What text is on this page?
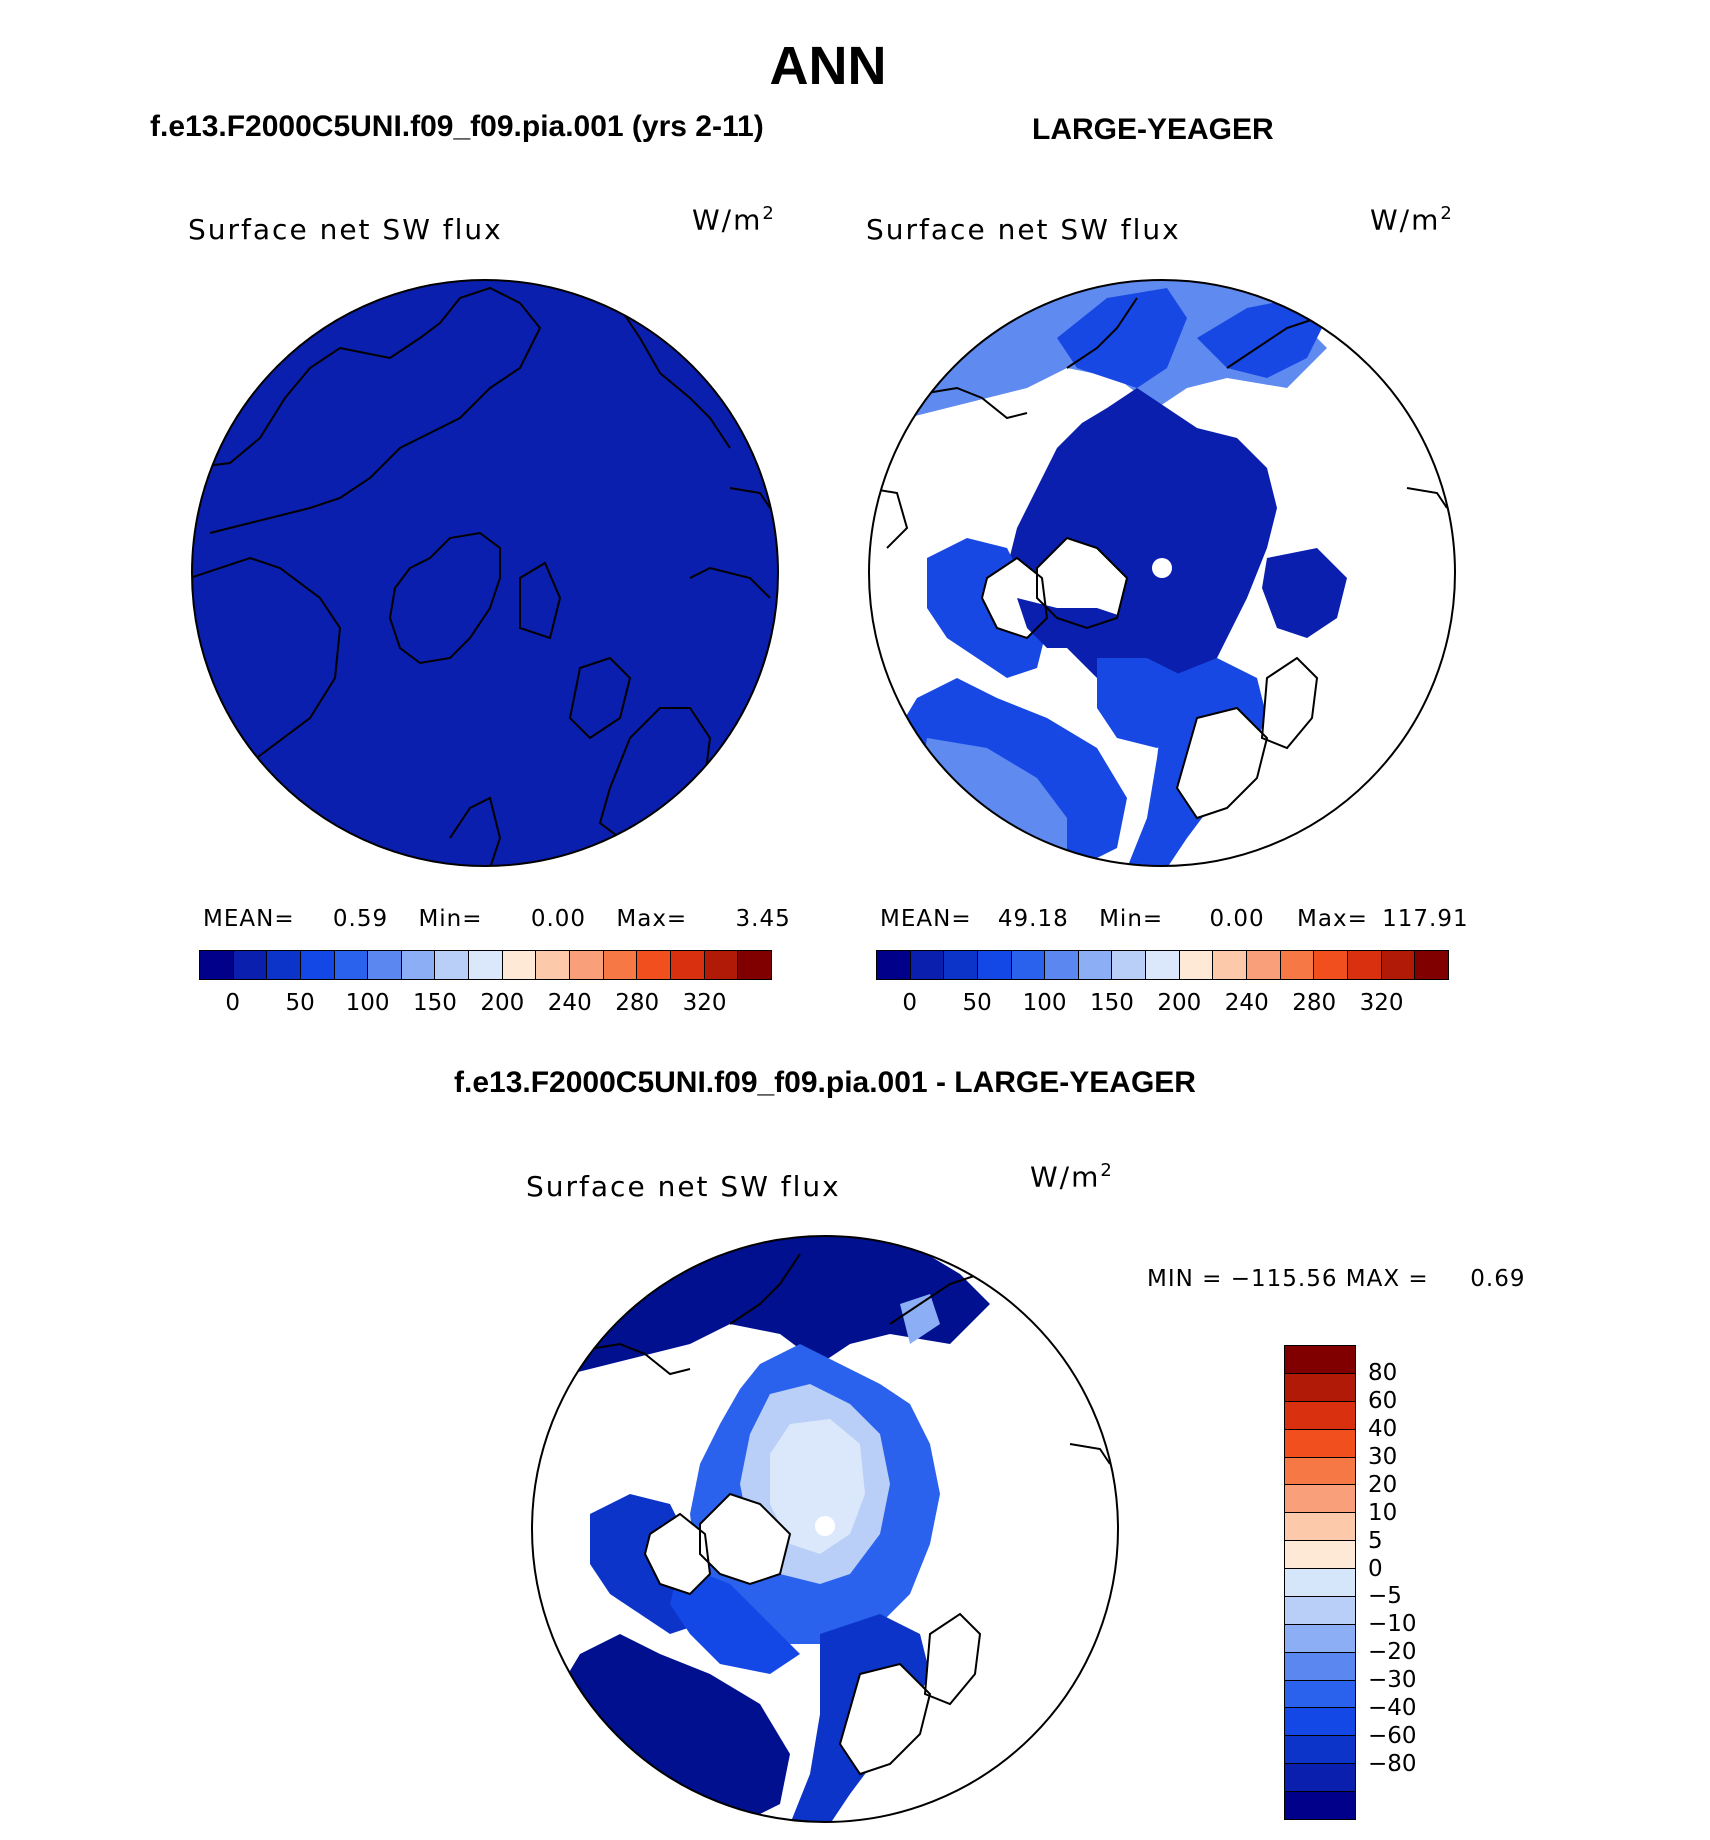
ANN
f.e13.F2000C5UNI.f09_f09.pia.001 (yrs 2-11)	LARGE-YEAGER
Surface net SW flux	$W/m^2$	Surface net SW flux	$W/m^2$
MEAN= 0.59 Min= 0.00 Max= 3.45
0 50 100 150 200 240 280 320
MEAN= 49.18 Min= 0.00 Max= 117.91
0 50 100 150 200 240 280 320
f.e13.F2000C5UNI.f09_f09.pia.001 - LARGE-YEAGER
Surface net SW flux	$W/m^2$
MIN = −115.56 MAX =     0.69
80
60
40
30
20
10
5
0
−5
−10
−20
−30
−40
−60
−80
